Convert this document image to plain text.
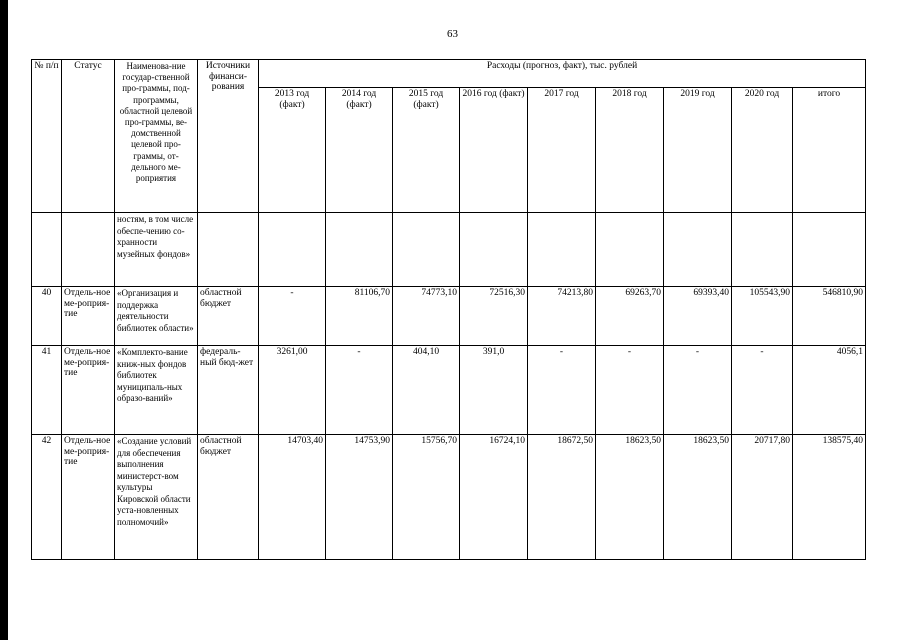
63
№ п/п	Статус	Наименова-ние государ-ственной про-граммы, под-программы, областной целевой про-граммы, ве-домственной целевой про-граммы, от-дельного ме-роприятия	Источники финанси-рования	Расходы (прогноз, факт), тыс. рублей								
				2013 год (факт)	2014 год (факт)	2015 год (факт)	2016 год (факт)	2017 год	2018 год	2019 год	2020 год	итого
		ностям, в том числе обеспе-чению со-хранности музейных фондов»										
40	Отдель-ное ме-роприя-тие	«Организация и поддержка деятельности библиотек области»	областной бюджет	-	81106,70	74773,10	72516,30	74213,80	69263,70	69393,40	105543,90	546810,90
41	Отдель-ное ме-роприя-тие	«Комплекто-вание книж-ных фондов библиотек муниципаль-ных образо-ваний»	федераль-ный бюд-жет	3261,00	-	404,10	391,0	-	-	-	-	4056,1
42	Отдель-ное ме-роприя-тие	«Создание условий для обеспечения выполнения министерст-вом культуры Кировской области уста-новленных полномочий»	областной бюджет	14703,40	14753,90	15756,70	16724,10	18672,50	18623,50	18623,50	20717,80	138575,40
